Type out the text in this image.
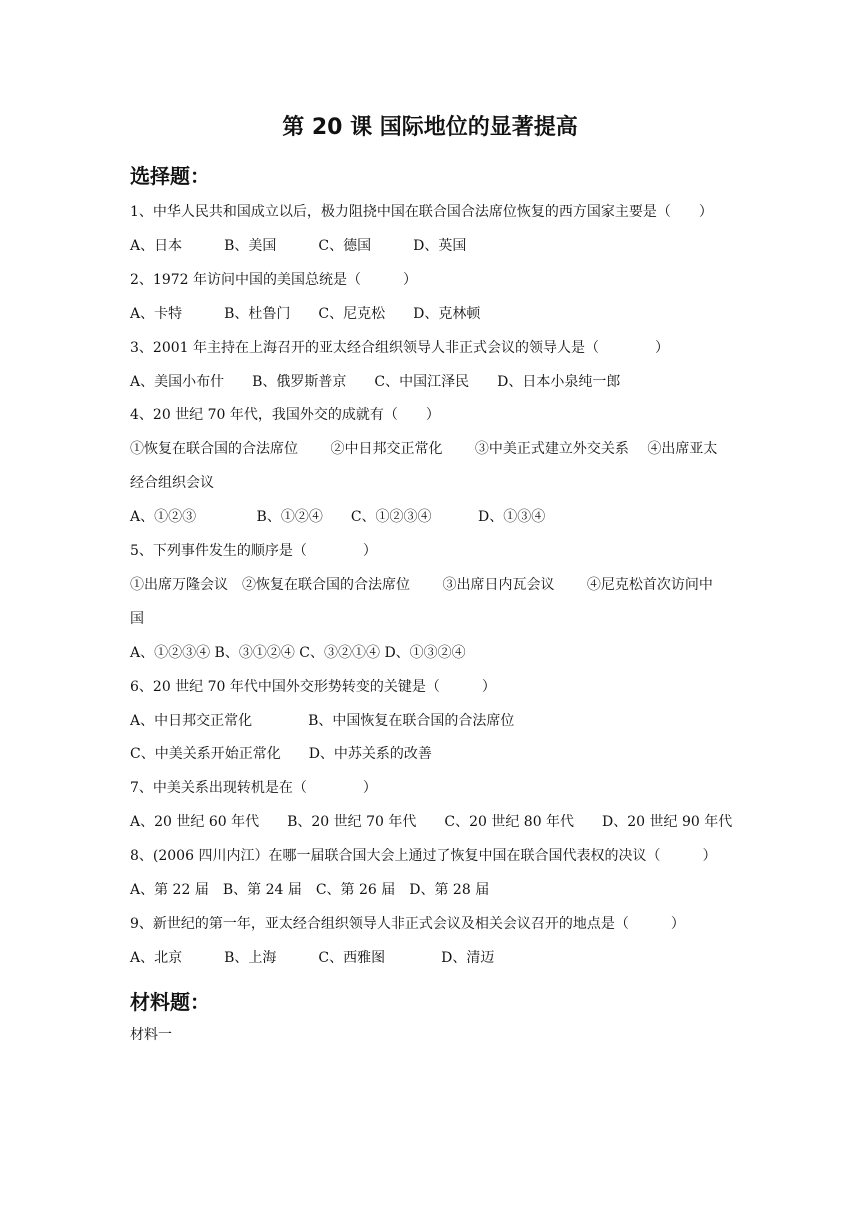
第 20 课 国际地位的显著提高
选择题：
1、中华人民共和国成立以后，极力阻挠中国在联合国合法席位恢复的西方国家主要是（　　）
A、日本　　　B、美国　　　C、德国　　　D、英国
2、1972 年访问中国的美国总统是（　　　）
A、卡特　　　B、杜鲁门　　C、尼克松　　D、克林顿
3、2001 年主持在上海召开的亚太经合组织领导人非正式会议的领导人是（　　　　）
A、美国小布什　　B、俄罗斯普京　　C、中国江泽民　　D、日本小泉纯一郎
4、20 世纪 70 年代，我国外交的成就有（　　）
①恢复在联合国的合法席位　　 ②中日邦交正常化　　 ③中美正式建立外交关系　 ④出席亚太
经合组织会议
A、①②③　　　　 B、①②④　　C、①②③④　　　 D、①③④
5、下列事件发生的顺序是（　　　　）
①出席万隆会议　②恢复在联合国的合法席位　　 ③出席日内瓦会议　　 ④尼克松首次访问中
国
A、①②③④ B、③①②④ C、③②①④ D、①③②④
6、20 世纪 70 年代中国外交形势转变的关键是（　　　）
A、中日邦交正常化　　　　B、中国恢复在联合国的合法席位
C、中美关系开始正常化　　D、中苏关系的改善
7、中美关系出现转机是在（　　　　）
A、20 世纪 60 年代　　B、20 世纪 70 年代　　C、20 世纪 80 年代　　D、20 世纪 90 年代
8、(2006 四川内江）在哪一届联合国大会上通过了恢复中国在联合国代表权的决议（　　　）
A、第 22 届　B、第 24 届　C、第 26 届　D、第 28 届
9、新世纪的第一年，亚太经合组织领导人非正式会议及相关会议召开的地点是（　　　）
A、北京　　　B、上海　　　C、西雅图　　　　D、清迈
材料题：
材料一
